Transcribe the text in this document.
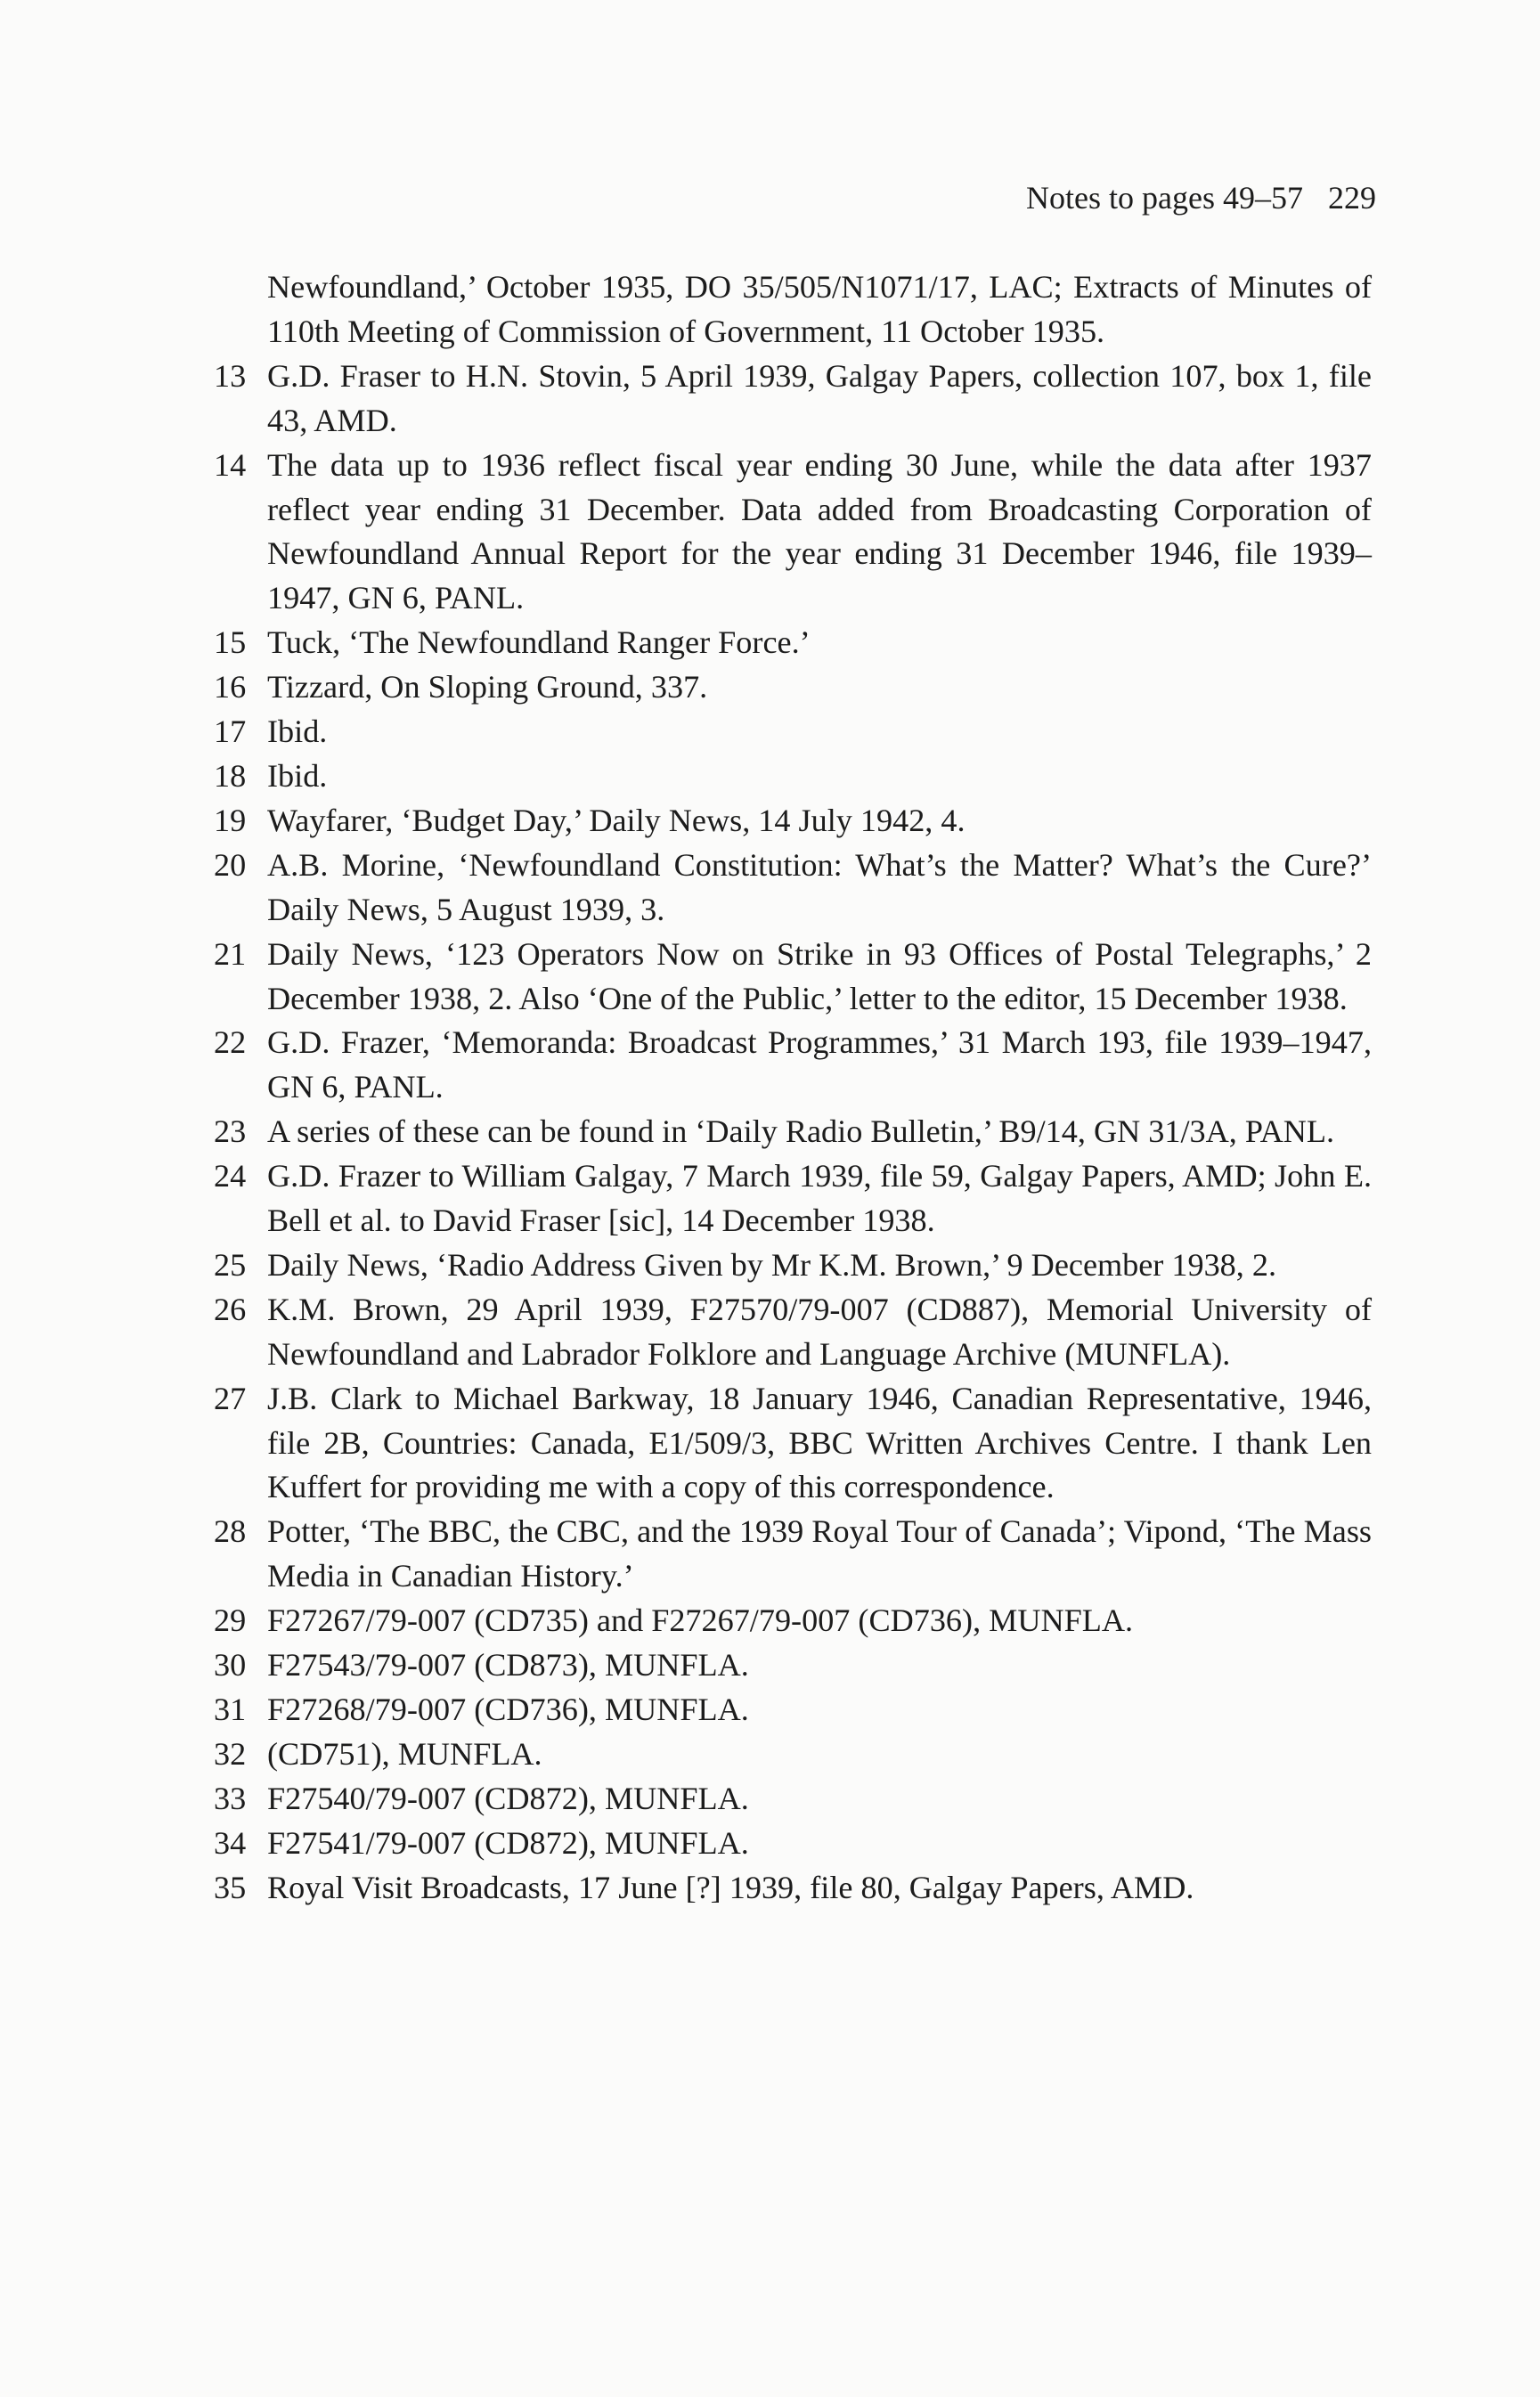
Notes to pages 49–57 229
Newfoundland,’ October 1935, DO 35/505/N1071/17, LAC; Extracts of Minutes of 110th Meeting of Commission of Government, 11 October 1935.
13 G.D. Fraser to H.N. Stovin, 5 April 1939, Galgay Papers, collection 107, box 1, file 43, AMD.
14 The data up to 1936 reflect fiscal year ending 30 June, while the data after 1937 reflect year ending 31 December. Data added from Broadcasting Corporation of Newfoundland Annual Report for the year ending 31 December 1946, file 1939–1947, GN 6, PANL.
15 Tuck, ‘The Newfoundland Ranger Force.’
16 Tizzard, On Sloping Ground, 337.
17 Ibid.
18 Ibid.
19 Wayfarer, ‘Budget Day,’ Daily News, 14 July 1942, 4.
20 A.B. Morine, ‘Newfoundland Constitution: What’s the Matter? What’s the Cure?’ Daily News, 5 August 1939, 3.
21 Daily News, ‘123 Operators Now on Strike in 93 Offices of Postal Telegraphs,’ 2 December 1938, 2. Also ‘One of the Public,’ letter to the editor, 15 December 1938.
22 G.D. Frazer, ‘Memoranda: Broadcast Programmes,’ 31 March 193, file 1939–1947, GN 6, PANL.
23 A series of these can be found in ‘Daily Radio Bulletin,’ B9/14, GN 31/3A, PANL.
24 G.D. Frazer to William Galgay, 7 March 1939, file 59, Galgay Papers, AMD; John E. Bell et al. to David Fraser [sic], 14 December 1938.
25 Daily News, ‘Radio Address Given by Mr K.M. Brown,’ 9 December 1938, 2.
26 K.M. Brown, 29 April 1939, F27570/79-007 (CD887), Memorial University of Newfoundland and Labrador Folklore and Language Archive (MUNFLA).
27 J.B. Clark to Michael Barkway, 18 January 1946, Canadian Representative, 1946, file 2B, Countries: Canada, E1/509/3, BBC Written Archives Centre. I thank Len Kuffert for providing me with a copy of this correspondence.
28 Potter, ‘The BBC, the CBC, and the 1939 Royal Tour of Canada’; Vipond, ‘The Mass Media in Canadian History.’
29 F27267/79-007 (CD735) and F27267/79-007 (CD736), MUNFLA.
30 F27543/79-007 (CD873), MUNFLA.
31 F27268/79-007 (CD736), MUNFLA.
32 (CD751), MUNFLA.
33 F27540/79-007 (CD872), MUNFLA.
34 F27541/79-007 (CD872), MUNFLA.
35 Royal Visit Broadcasts, 17 June [?] 1939, file 80, Galgay Papers, AMD.
